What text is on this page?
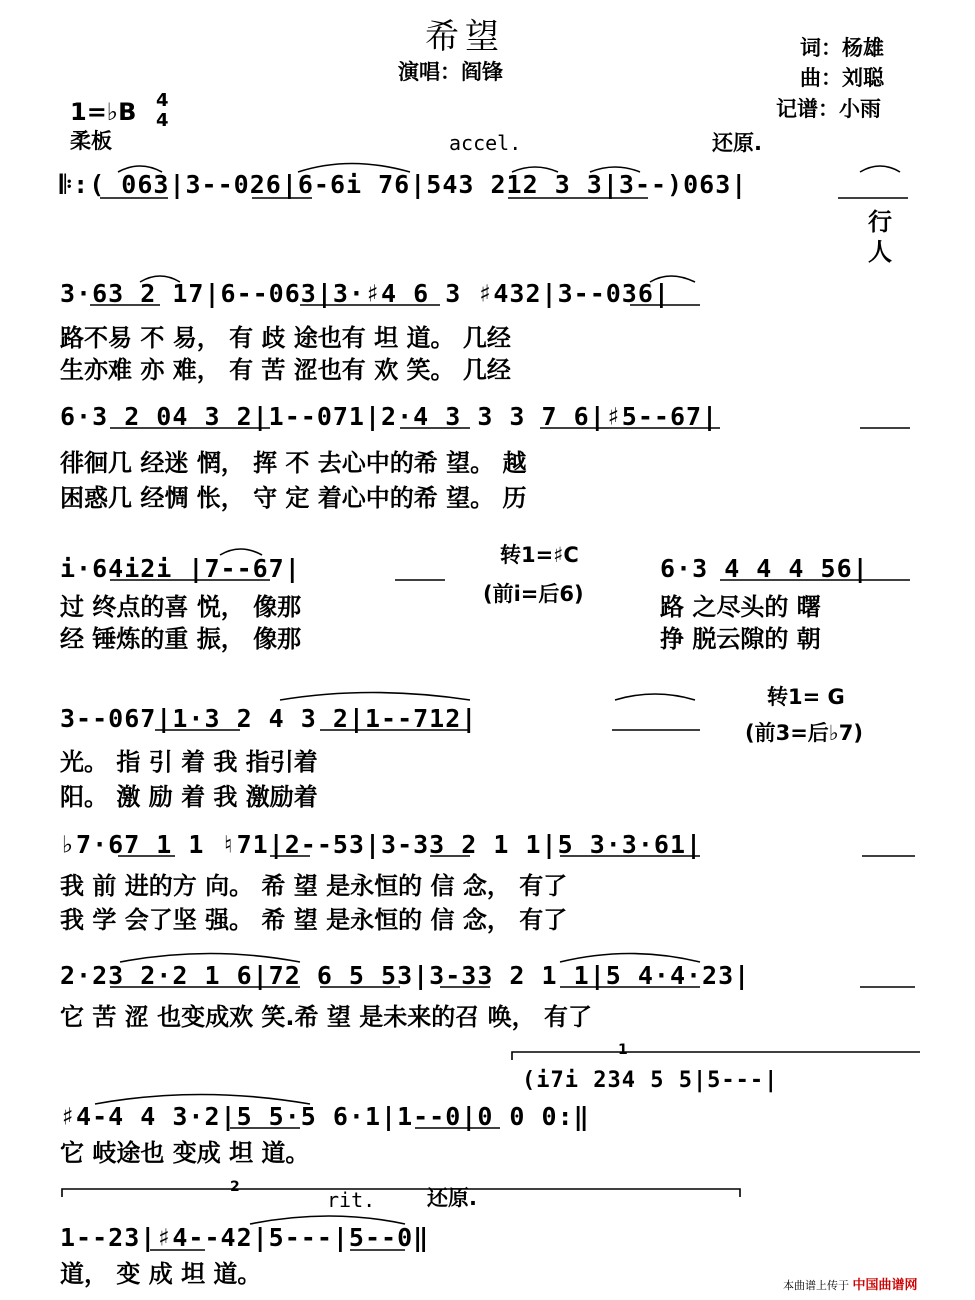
希望
演唱：阎锋
词：杨雄
曲：刘聪
记谱：小雨
1=♭B 4
4
柔板	accel.	还原.
𝄆:( 063|3--026|6-6i 76|543 212 3 3|3--)063|
行
人
3·63 2 17|6--063|3·♯4 6 3 ♯432|3--036|
路不易 不 易， 有 歧 途也有 坦 道。 几经
生亦难 亦 难， 有 苦 涩也有 欢 笑。 几经
6·3 2 04 3 2|1--071|2·4 3 3 3 7 6|♯5--67|
徘徊几 经迷 惘， 挥 不 去心中的希 望。 越
困惑几 经惆 怅， 守 定 着心中的希 望。 历
i·64i2i |7--67|	转1=♯C
(前i=后6)
6·3 4 4 4 56|
过 终点的喜 悦， 像那
经 锤炼的重 振， 像那
路 之尽头的 曙
挣 脱云隙的 朝
3--067|1·3 2 4 3 2|1--712|
转1= G
(前3=后♭7)
光。 指 引 着 我 指引着
阳。 激 励 着 我 激励着
♭7·67 1 1 ♮71|2--53|3-33 2 1 1|5 3·3·61|
我 前 进的方 向。 希 望 是永恒的 信 念， 有了
我 学 会了坚 强。 希 望 是永恒的 信 念， 有了
2·23 2·2 1 6|72 6 5 53|3-33 2 1 1|5 4·4·23|
它 苦 涩 也变成欢 笑.希 望 是未来的召 唤， 有了
1
(i7i 234 5 5|5---|
♯4-4 4 3·2|5 5·5 6·1|1--0|0 0 0:‖
它 岐途也 变成 坦 道。
2
rit. 还原.
1--23|♯4--42|5---|5--0‖
道， 变 成 坦 道。	本曲谱上传于 中国曲谱网
